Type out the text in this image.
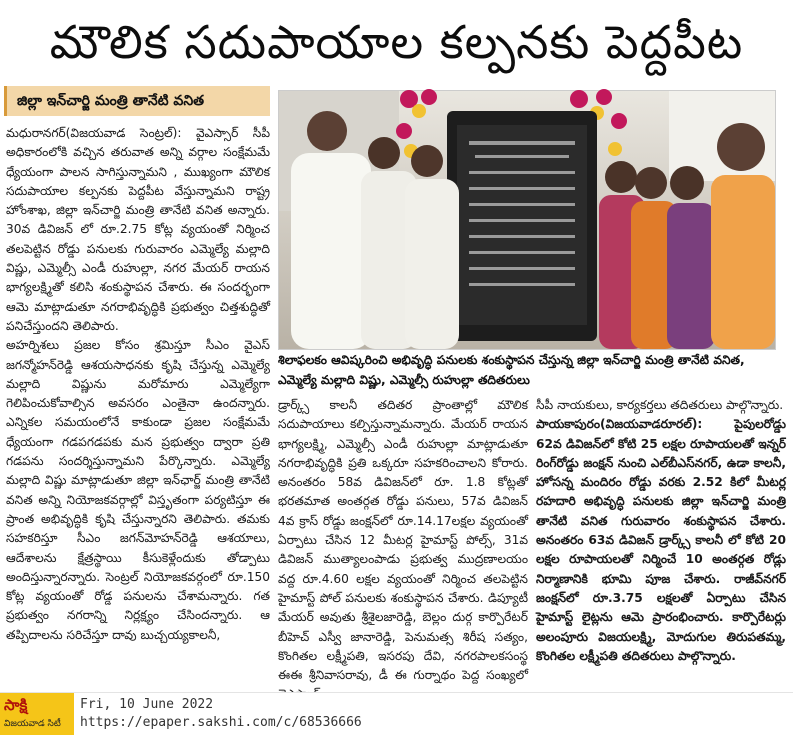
మౌలిక సదుపాయాల కల్పనకు పెద్దపీట
జిల్లా ఇన్‌చార్జి మంత్రి తానేటి వనిత

మధురానగర్(విజయవాడ సెంట్రల్): వైఎస్సార్ సీపీ అధికారంలోకి వచ్చిన తరువాత అన్ని వర్గాల సంక్షేమమే ధ్యేయంగా పాలన సాగిస్తున్నామని , ముఖ్యంగా మౌలిక సదుపాయాల కల్పనకు పెద్దపీట వేస్తున్నామని రాష్ట్ర హోంశాఖ, జిల్లా ఇన్‌చార్జి మంత్రి తానేటి వనిత అన్నారు. 30వ డివిజన్ లో రూ.2.75 కోట్ల వ్యయంతో నిర్మించ తలపెట్టిన రోడ్డు పనులకు గురువారం ఎమ్మెల్యే మల్లాది విష్ణు, ఎమ్మెల్సీ ఎండీ రుహుల్లా, నగర మేయర్ రాయన భాగ్యలక్ష్మితో కలిసి శంకుస్థాపన చేశారు. ఈ సందర్భంగా ఆమె మాట్లాడుతూ నగరాభివృద్ధికి ప్రభుత్వం చిత్తశుద్ధితో పనిచేస్తుందని తెలిపారు.

అహర్నిశలు ప్రజల కోసం శ్రమిస్తూ సీఎం వైఎస్ జగన్మోహన్‌రెడ్డి ఆశయసాధనకు కృషి చేస్తున్న ఎమ్మెల్యే మల్లాది విష్ణును మరోమారు ఎమ్మెల్యేగా గెలిపించుకోవాల్సిన అవసరం ఎంతైనా ఉందన్నారు. ఎన్నికల సమయంలోనే కాకుండా ప్రజల సంక్షేమమే ధ్యేయంగా గడపగడపకు మన ప్రభుత్వం ద్వారా ప్రతి గడపను సందర్శిస్తున్నామని పేర్కొన్నారు. ఎమ్మెల్యే మల్లాది విష్ణు మాట్లాడుతూ జిల్లా ఇన్‌ఛార్జ్ మంత్రి తానేటి వనిత అన్ని నియోజకవర్గాల్లో విస్తృతంగా పర్యటిస్తూ ఈ ప్రాంత అభివృద్ధికి కృషి చేస్తున్నారని తెలిపారు. తమకు సహకరిస్తూ సీఎం జగన్‌మోహన్‌రెడ్డి ఆశయాలు, ఆదేశాలను క్షేత్రస్థాయి కీసుకెళ్లేందుకు తోడ్పాటు అందిస్తున్నారన్నారు. సెంట్రల్ నియోజకవర్గంలో రూ.150 కోట్ల వ్యయంతో రోడ్డ పనులను చేశామన్నారు. గత ప్రభుత్వం నగరాన్ని నిర్లక్ష్యం చేసిందన్నారు. ఆ తప్పిదాలను సరిచేస్తూ దావు బుచ్చయ్యకాలనీ,

శిలాఫలకం ఆవిష్కరించి అభివృద్ధి పనులకు శంకుస్థాపన చేస్తున్న జిల్లా ఇన్‌చార్జి మంత్రి తానేటి వనిత, ఎమ్మెల్యే మల్లాది విష్ణు, ఎమ్మెల్సీ రుహుల్లా తదితరులు

డ్రార్క్స్ కాలనీ తదితర ప్రాంతాల్లో మౌలిక సదుపాయాలు కల్పిస్తున్నామన్నారు. మేయర్ రాయన భాగ్యలక్ష్మి, ఎమ్మెల్సీ ఎండీ రుహుల్లా మాట్లాడుతూ నగరాభివృద్ధికి ప్రతి ఒక్కరూ సహకరించాలని కోరారు. అనంతరం 58వ డివిజన్‌లో రూ. 1.8 కోట్లతో భరతమాత అంతర్గత రోడ్డు పనులు, 57వ డివిజన్ 4వ క్రాస్ రోడ్డు జంక్షన్‌లో రూ.14.17లక్షల వ్యయంతో ఏర్పాటు చేసిన 12 మీటర్ల హైమాస్ట్ పోల్స్, 31వ డివిజన్ ముత్యాలంపాడు ప్రభుత్వ ముద్రణాలయం వద్ద రూ.4.60 లక్షల వ్యయంతో నిర్మించ తలపెట్టిన హైమాస్ట్ పోల్ పనులకు శంకుస్థాపన చేశారు. డిప్యూటీ మేయర్ అవుతు శ్రీశైలజారెడ్డి, బెల్లం దుర్గ కార్పొరేటర్ బీహెచ్ ఎస్వీ జానారెడ్డి, పెనుమత్స శిరీష సత్యం, కొంగితల లక్ష్మీపతి, ఇసరపు దేవి, నగరపాలకసంస్థ ఈఈ శ్రీనివాసరావు, డీ ఈ గుర్నాథం పెద్ద సంఖ్యలో

సీపీ నాయకులు, కార్యకర్తలు తదితరులు పాల్గొన్నారు.

పాయకాపురం(విజయవాడరూరల్): పైపులరోడ్డు 62వ డివిజన్‌లో కోటి 25 లక్షల రూపాయలతో ఇన్నర్ రింగ్‌రోడ్డు జంక్షన్ నుంచి ఎల్‌బీఎస్‌నగర్, ఉడా కాలనీ, హోసన్న మందిరం రోడ్డు వరకు 2.52 కిలో మీటర్ల రహదారి అభివృద్ధి పనులకు జిల్లా ఇన్‌చార్జి మంత్రి తానేటి వనిత గురువారం శంకుస్థాపన చేశారు. అనంతరం 63వ డివిజన్ డ్రార్క్స్ కాలనీ లో కోటి 20 లక్షల రూపాయలతో నిర్మించే 10 అంతర్గత రోడ్లు నిర్మాణానికి భూమి పూజ చేశారు. రాజీవ్‌నగర్ జంక్షన్‌లో రూ.3.75 లక్షలతో ఏర్పాటు చేసిన హైమాస్ట్ లైట్లను ఆమె ప్రారంభించారు. కార్పొరేటర్లు అలంపూరు విజయలక్ష్మి, మోదుగుల తిరుపతమ్మ, కొంగితల లక్ష్మీపతి తదితరులు పాల్గొన్నారు.

సాక్షి
విజయవాడ సిటీ
Fri, 10 June 2022
https://epaper.sakshi.com/c/68536666
